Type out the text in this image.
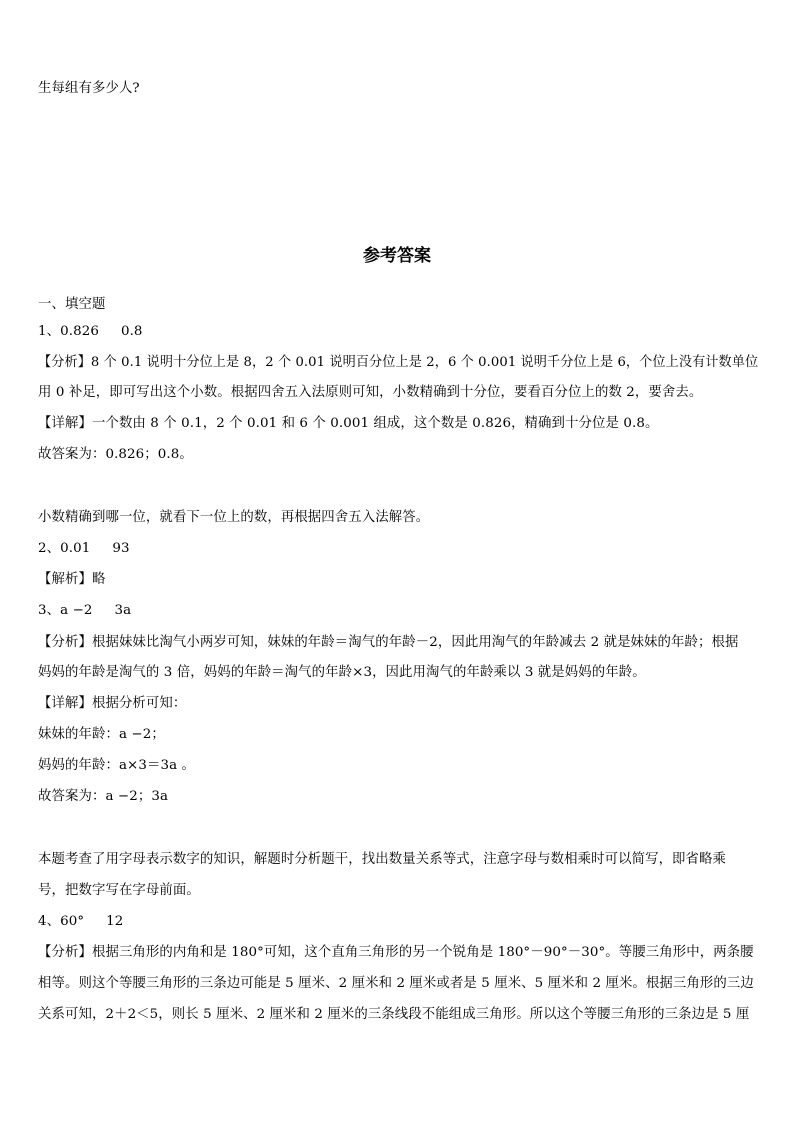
生每组有多少人?
参考答案
一、填空题
1、0.826 0.8
【分析】8 个 0.1 说明十分位上是 8，2 个 0.01 说明百分位上是 2，6 个 0.001 说明千分位上是 6，个位上没有计数单位
用 0 补足，即可写出这个小数。根据四舍五入法原则可知，小数精确到十分位，要看百分位上的数 2，要舍去。
【详解】一个数由 8 个 0.1，2 个 0.01 和 6 个 0.001 组成，这个数是 0.826，精确到十分位是 0.8。
故答案为：0.826；0.8。
小数精确到哪一位，就看下一位上的数，再根据四舍五入法解答。
2、0.01 93
【解析】略
3、a −2 3a
【分析】根据妹妹比淘气小两岁可知，妹妹的年龄＝淘气的年龄－2，因此用淘气的年龄减去 2 就是妹妹的年龄；根据
妈妈的年龄是淘气的 3 倍，妈妈的年龄＝淘气的年龄×3，因此用淘气的年龄乘以 3 就是妈妈的年龄。
【详解】根据分析可知：
妹妹的年龄：a −2；
妈妈的年龄：a×3＝3a 。
故答案为：a −2；3a
本题考查了用字母表示数字的知识，解题时分析题干，找出数量关系等式，注意字母与数相乘时可以简写，即省略乘
号，把数字写在字母前面。
4、60° 12
【分析】根据三角形的内角和是 180°可知，这个直角三角形的另一个锐角是 180°－90°－30°。等腰三角形中，两条腰
相等。则这个等腰三角形的三条边可能是 5 厘米、2 厘米和 2 厘米或者是 5 厘米、5 厘米和 2 厘米。根据三角形的三边
关系可知，2＋2＜5，则长 5 厘米、2 厘米和 2 厘米的三条线段不能组成三角形。所以这个等腰三角形的三条边是 5 厘
